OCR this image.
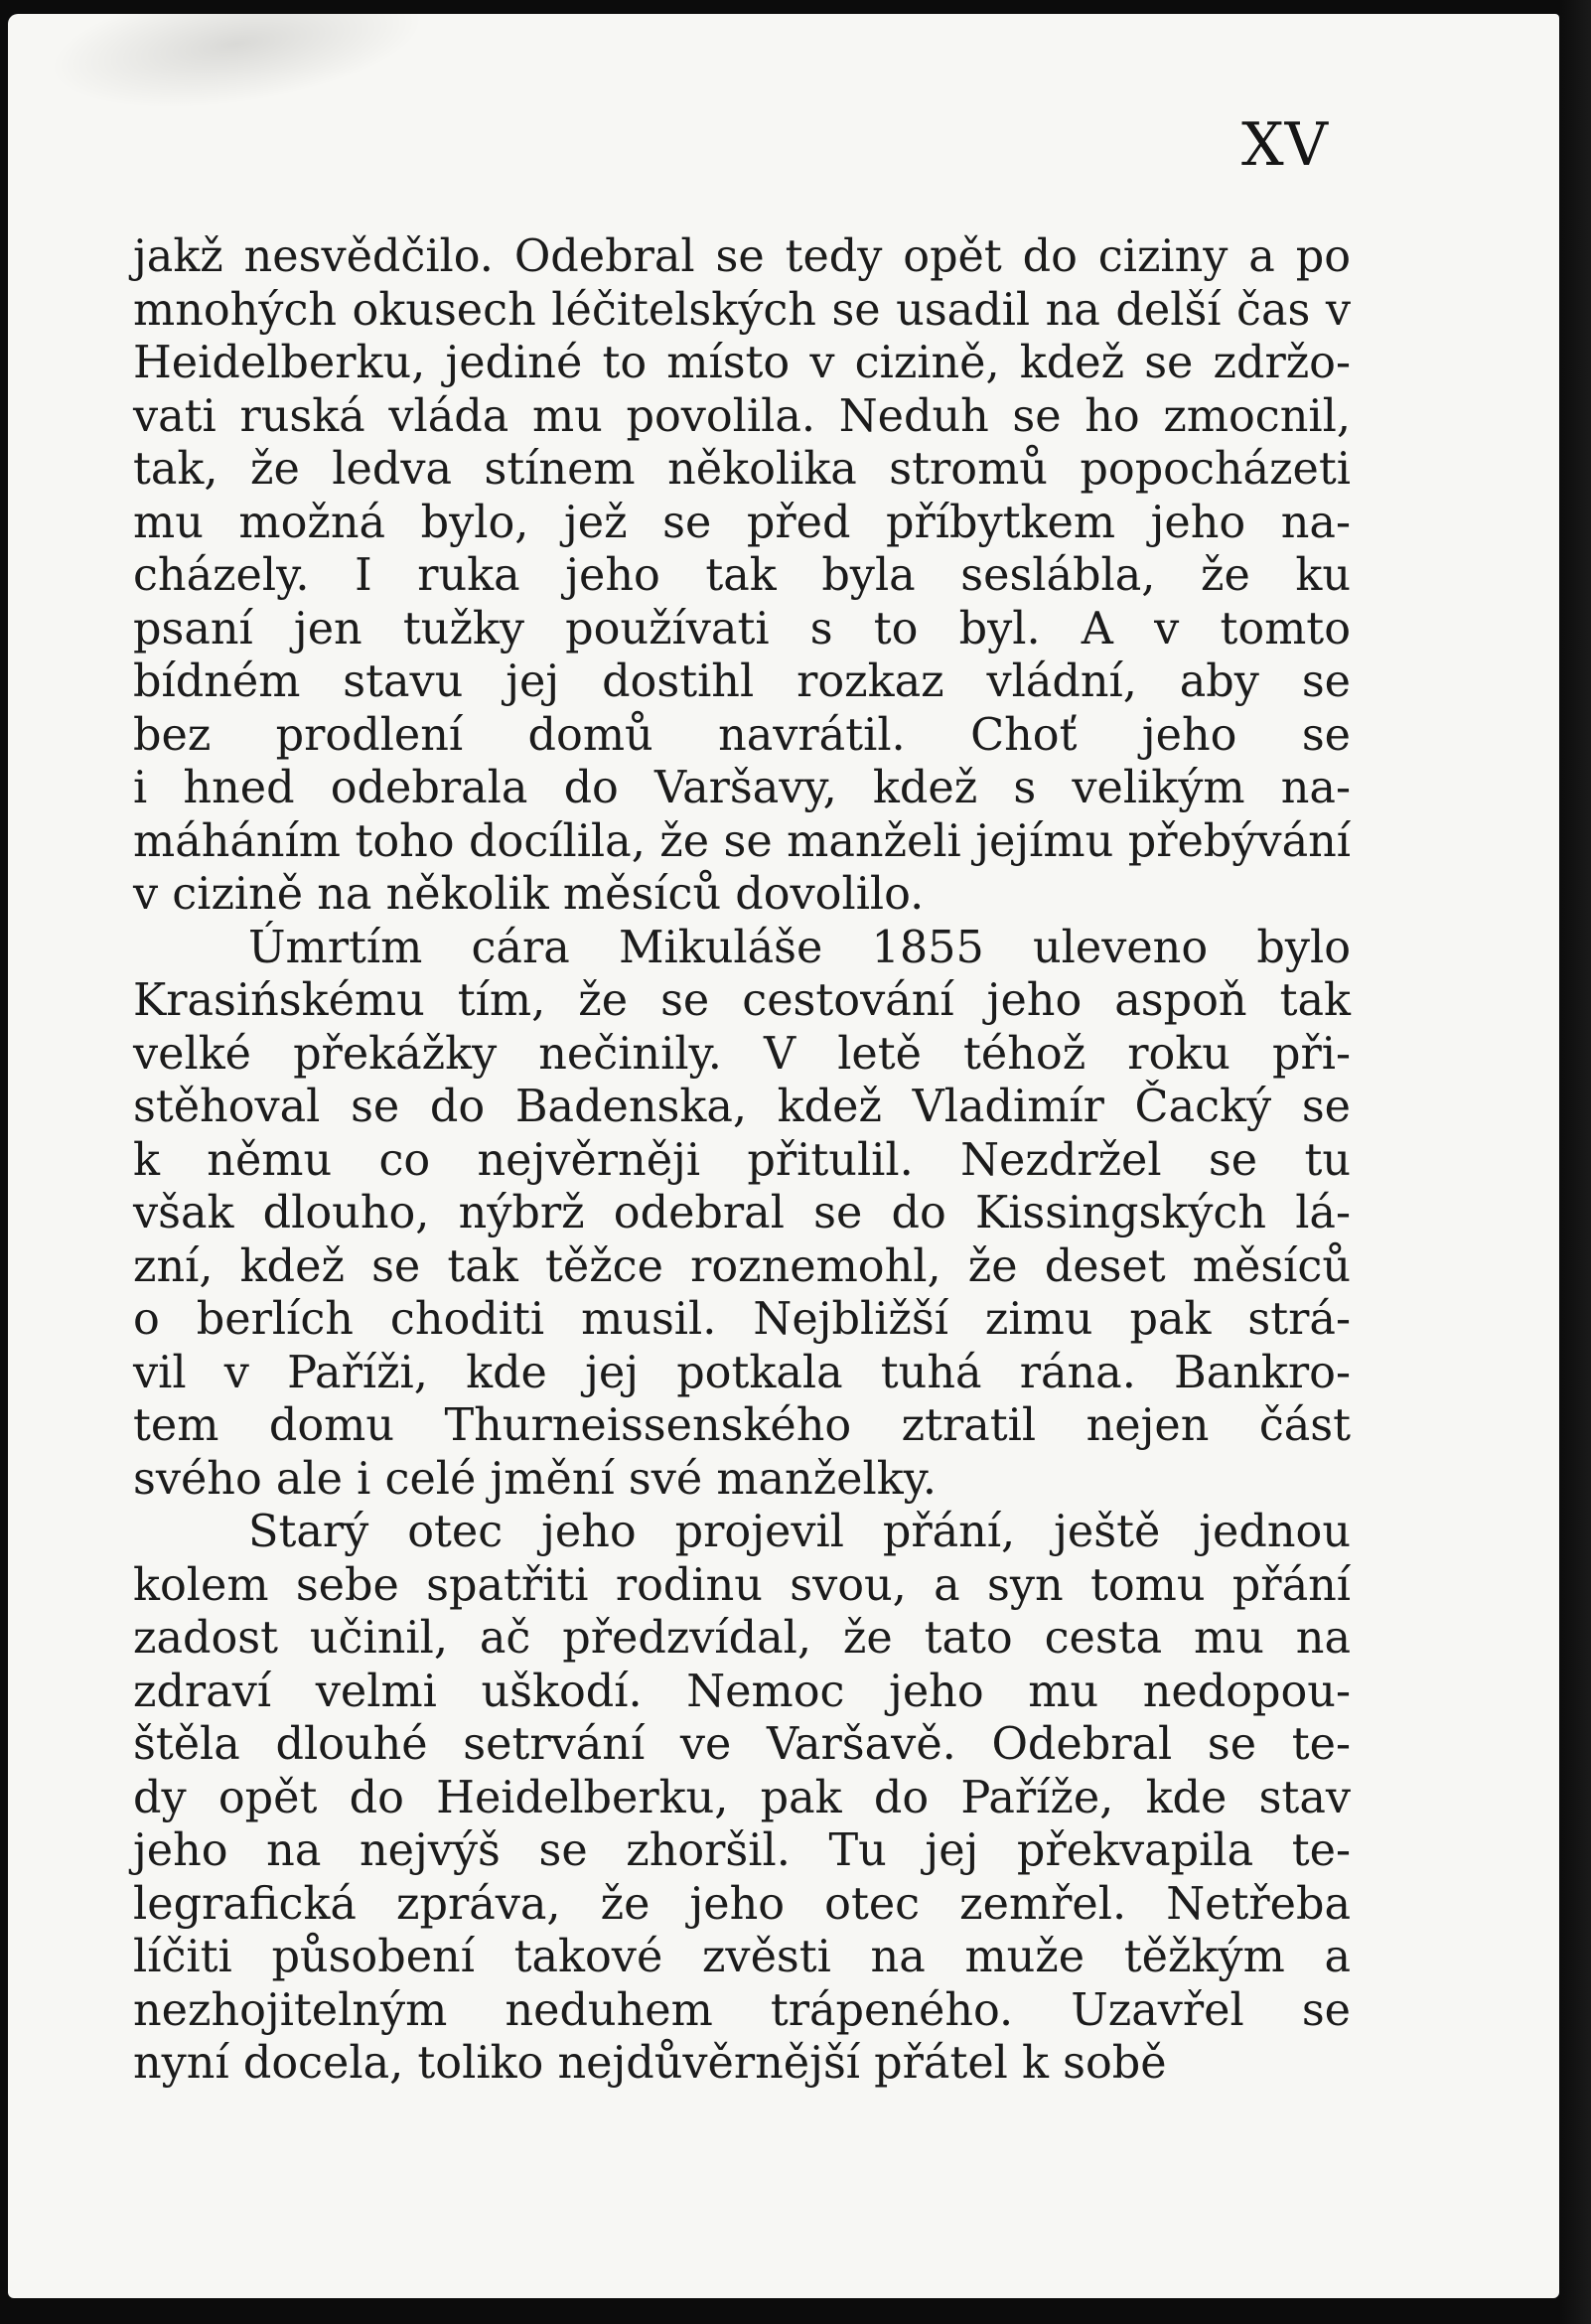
XV
jakž nesvědčilo. Odebral se tedy opět do ciziny a po
mnohých okusech léčitelských se usadil na delší čas v
Heidelberku, jediné to místo v cizině, kdež se zdržo-
vati ruská vláda mu povolila. Neduh se ho zmocnil,
tak, že ledva stínem několika stromů popocházeti
mu možná bylo, jež se před příbytkem jeho na-
cházely. I ruka jeho tak byla seslábla, že ku
psaní jen tužky používati s to byl. A v tomto
bídném stavu jej dostihl rozkaz vládní, aby se
bez prodlení domů navrátil. Choť jeho se
i hned odebrala do Varšavy, kdež s velikým na-
máháním toho docílila, že se manželi jejímu přebývání
v cizině na několik měsíců dovolilo.
Úmrtím cára Mikuláše 1855 uleveno bylo
Krasińskému tím, že se cestování jeho aspoň tak
velké překážky nečinily. V letě téhož roku při-
stěhoval se do Badenska, kdež Vladimír Čacký se
k němu co nejvěrněji přitulil. Nezdržel se tu
však dlouho, nýbrž odebral se do Kissingských lá-
zní, kdež se tak těžce roznemohl, že deset měsíců
o berlích choditi musil. Nejbližší zimu pak strá-
vil v Paříži, kde jej potkala tuhá rána. Bankro-
tem domu Thurneissenského ztratil nejen část
svého ale i celé jmění své manželky.
Starý otec jeho projevil přání, ještě jednou
kolem sebe spatřiti rodinu svou, a syn tomu přání
zadost učinil, ač předzvídal, že tato cesta mu na
zdraví velmi uškodí. Nemoc jeho mu nedopou-
štěla dlouhé setrvání ve Varšavě. Odebral se te-
dy opět do Heidelberku, pak do Paříže, kde stav
jeho na nejvýš se zhoršil. Tu jej překvapila te-
legrafická zpráva, že jeho otec zemřel. Netřeba
líčiti působení takové zvěsti na muže těžkým a
nezhojitelným neduhem trápeného. Uzavřel se
nyní docela, toliko nejdůvěrnější přátel k sobě
